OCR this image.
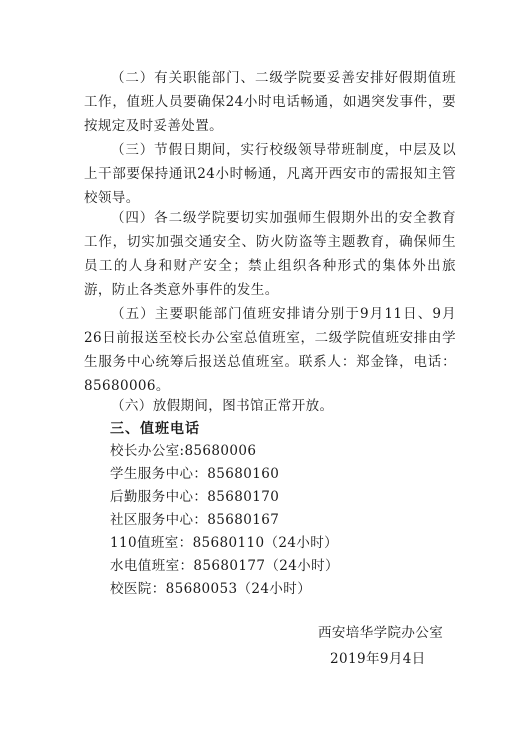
（二）有关职能部门、二级学院要妥善安排好假期值班工作，值班人员要确保24小时电话畅通，如遇突发事件，要按规定及时妥善处置。

（三）节假日期间，实行校级领导带班制度，中层及以上干部要保持通讯24小时畅通，凡离开西安市的需报知主管校领导。

（四）各二级学院要切实加强师生假期外出的安全教育工作，切实加强交通安全、防火防盗等主题教育，确保师生员工的人身和财产安全；禁止组织各种形式的集体外出旅游，防止各类意外事件的发生。

（五）主要职能部门值班安排请分别于9月11日、9月26日前报送至校长办公室总值班室，二级学院值班安排由学生服务中心统筹后报送总值班室。联系人：郑金锋，电话：85680006。

（六）放假期间，图书馆正常开放。

三、值班电话
校长办公室:85680006
学生服务中心：85680160
后勤服务中心：85680170
社区服务中心：85680167
110值班室：85680110（24小时）
水电值班室：85680177（24小时）
校医院：85680053（24小时）

西安培华学院办公室

2019年9月4日
